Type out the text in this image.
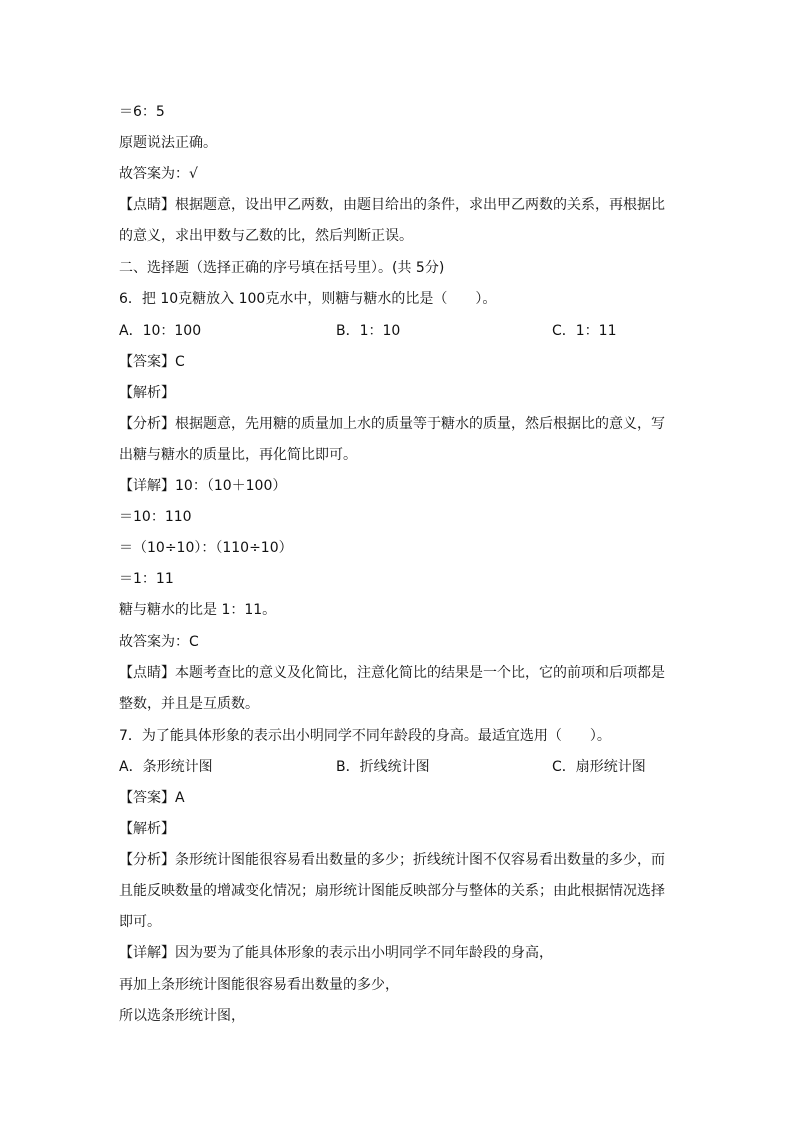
＝6：5
原题说法正确。
故答案为：√
【点睛】根据题意，设出甲乙两数，由题目给出的条件，求出甲乙两数的关系，再根据比
的意义，求出甲数与乙数的比，然后判断正误。
二、选择题（选择正确的序号填在括号里）。(共 5分)
6．把 10克糖放入 100克水中，则糖与糖水的比是（　　）。
A．10：100	B．1：10	C．1：11
【答案】C
【解析】
【分析】根据题意，先用糖的质量加上水的质量等于糖水的质量，然后根据比的意义，写
出糖与糖水的质量比，再化简比即可。
【详解】10：（10＋100）
＝10：110
＝（10÷10）：（110÷10）
＝1：11
糖与糖水的比是 1：11。
故答案为：C
【点睛】本题考查比的意义及化简比，注意化简比的结果是一个比，它的前项和后项都是
整数，并且是互质数。
7．为了能具体形象的表示出小明同学不同年龄段的身高。最适宜选用（　　）。
A．条形统计图	B．折线统计图	C．扇形统计图
【答案】A
【解析】
【分析】条形统计图能很容易看出数量的多少；折线统计图不仅容易看出数量的多少，而
且能反映数量的增减变化情况；扇形统计图能反映部分与整体的关系；由此根据情况选择
即可。
【详解】因为要为了能具体形象的表示出小明同学不同年龄段的身高，
再加上条形统计图能很容易看出数量的多少，
所以选条形统计图，
